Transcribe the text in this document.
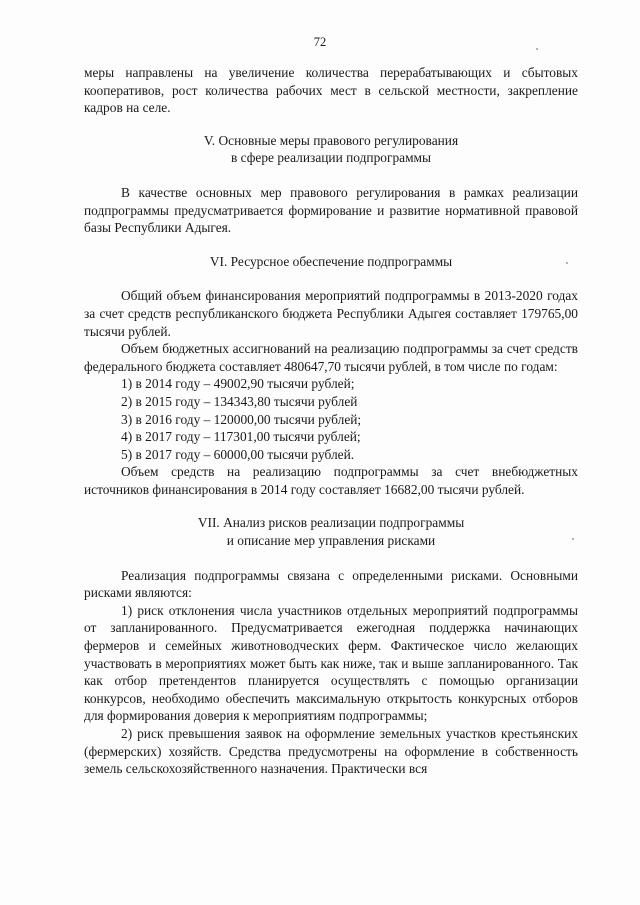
72

меры направлены на увеличение количества перерабатывающих и сбытовых кооперативов, рост количества рабочих мест в сельской местности, закрепление кадров на селе.

V. Основные меры правового регулирования
в сфере реализации подпрограммы

В качестве основных мер правового регулирования в рамках реализации подпрограммы предусматривается формирование и развитие нормативной правовой базы Республики Адыгея.

VI. Ресурсное обеспечение подпрограммы

Общий объем финансирования мероприятий подпрограммы в 2013-2020 годах за счет средств республиканского бюджета Республики Адыгея составляет 179765,00 тысячи рублей.

Объем бюджетных ассигнований на реализацию подпрограммы за счет средств федерального бюджета составляет 480647,70 тысячи рублей, в том числе по годам:

1) в 2014 году – 49002,90 тысячи рублей;
2) в 2015 году – 134343,80 тысячи рублей
3) в 2016 году – 120000,00 тысячи рублей;
4) в 2017 году – 117301,00 тысячи рублей;
5) в 2017 году – 60000,00 тысячи рублей.

Объем средств на реализацию подпрограммы за счет внебюджетных источников финансирования в 2014 году составляет 16682,00 тысячи рублей.

VII. Анализ рисков реализации подпрограммы
и описание мер управления рисками

Реализация подпрограммы связана с определенными рисками. Основными рисками являются:

1) риск отклонения числа участников отдельных мероприятий подпрограммы от запланированного. Предусматривается ежегодная поддержка начинающих фермеров и семейных животноводческих ферм. Фактическое число желающих участвовать в мероприятиях может быть как ниже, так и выше запланированного. Так как отбор претендентов планируется осуществлять с помощью организации конкурсов, необходимо обеспечить максимальную открытость конкурсных отборов для формирования доверия к мероприятиям подпрограммы;

2) риск превышения заявок на оформление земельных участков крестьянских (фермерских) хозяйств. Средства предусмотрены на оформление в собственность земель сельскохозяйственного назначения. Практически вся
